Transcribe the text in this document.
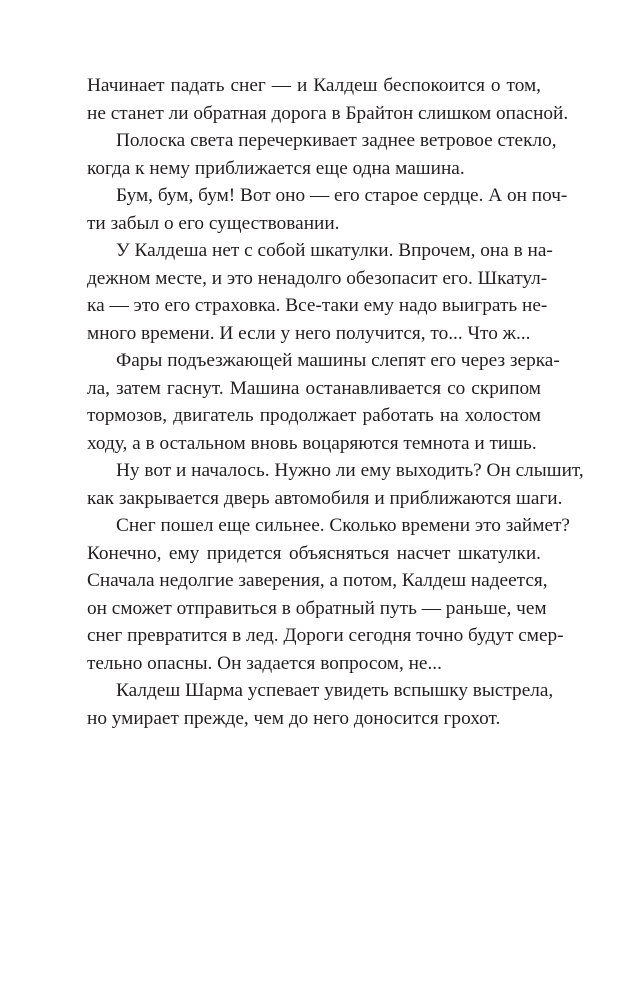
Начинает падать снег — и Калдеш беспокоится о том,
не станет ли обратная дорога в Брайтон слишком опасной.

Полоска света перечеркивает заднее ветровое стекло,
когда к нему приближается еще одна машина.

Бум, бум, бум! Вот оно — его старое сердце. А он поч-
ти забыл о его существовании.

У Калдеша нет с собой шкатулки. Впрочем, она в на-
дежном месте, и это ненадолго обезопасит его. Шкатул-
ка — это его страховка. Все-таки ему надо выиграть не-
много времени. И если у него получится, то... Что ж...

Фары подъезжающей машины слепят его через зерка-
ла, затем гаснут. Машина останавливается со скрипом
тормозов, двигатель продолжает работать на холостом
ходу, а в остальном вновь воцаряются темнота и тишь.

Ну вот и началось. Нужно ли ему выходить? Он слышит,
как закрывается дверь автомобиля и приближаются шаги.

Снег пошел еще сильнее. Сколько времени это займет?
Конечно, ему придется объясняться насчет шкатулки.
Сначала недолгие заверения, а потом, Калдеш надеется,
он сможет отправиться в обратный путь — раньше, чем
снег превратится в лед. Дороги сегодня точно будут смер-
тельно опасны. Он задается вопросом, не...

Калдеш Шарма успевает увидеть вспышку выстрела,
но умирает прежде, чем до него доносится грохот.
